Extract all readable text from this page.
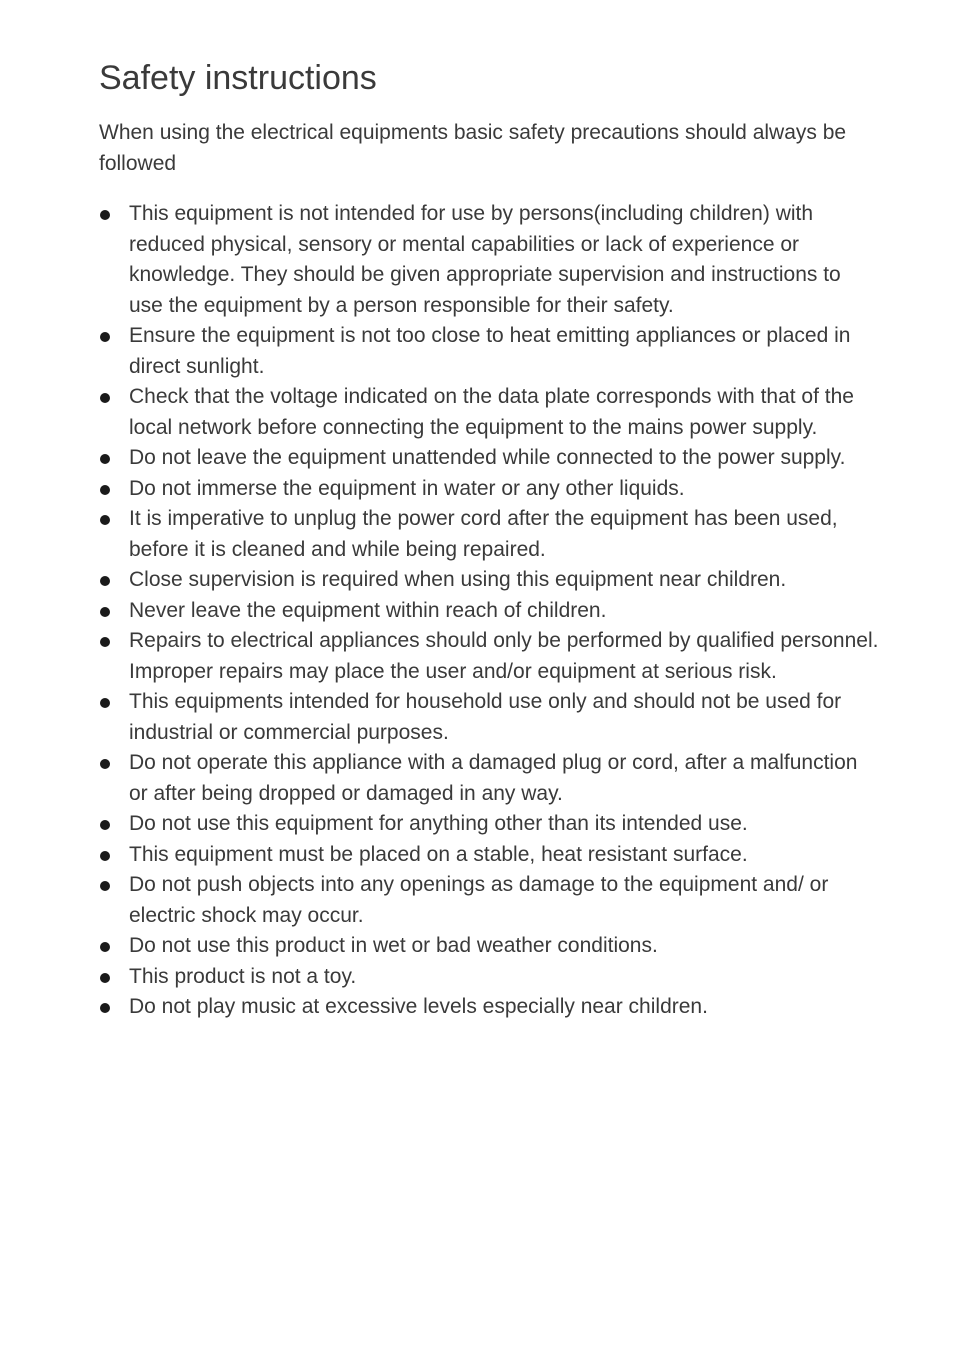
Safety instructions

When using the electrical equipments basic safety precautions should always be followed

This equipment is not intended for use by persons(including children) with reduced physical, sensory or mental capabilities or lack of experience or knowledge. They should be given appropriate supervision and instructions to use the equipment by a person responsible for their safety.
Ensure the equipment is not too close to heat emitting appliances or placed in direct sunlight.
Check that the voltage indicated on the data plate corresponds with that of the local network before connecting the equipment to the mains power supply.
Do not leave the equipment unattended while connected to the power supply.
Do not immerse the equipment in water or any other liquids.
It is imperative to unplug the power cord after the equipment has been used, before it is cleaned and while being repaired.
Close supervision is required when using this equipment near children.
Never leave the equipment within reach of children.
Repairs to electrical appliances should only be performed by qualified personnel. Improper repairs may place the user and/or equipment at serious risk.
This equipments intended for household use only and should not be used for industrial or commercial purposes.
Do not operate this appliance with a damaged plug or cord, after a malfunction or after being dropped or damaged in any way.
Do not use this equipment for anything other than its intended use.
This equipment must be placed on a stable, heat resistant surface.
Do not push objects into any openings as damage to the equipment and/ or electric shock may occur.
Do not use this product in wet or bad weather conditions.
This product is not a toy.
Do not play music at excessive levels especially near children.
